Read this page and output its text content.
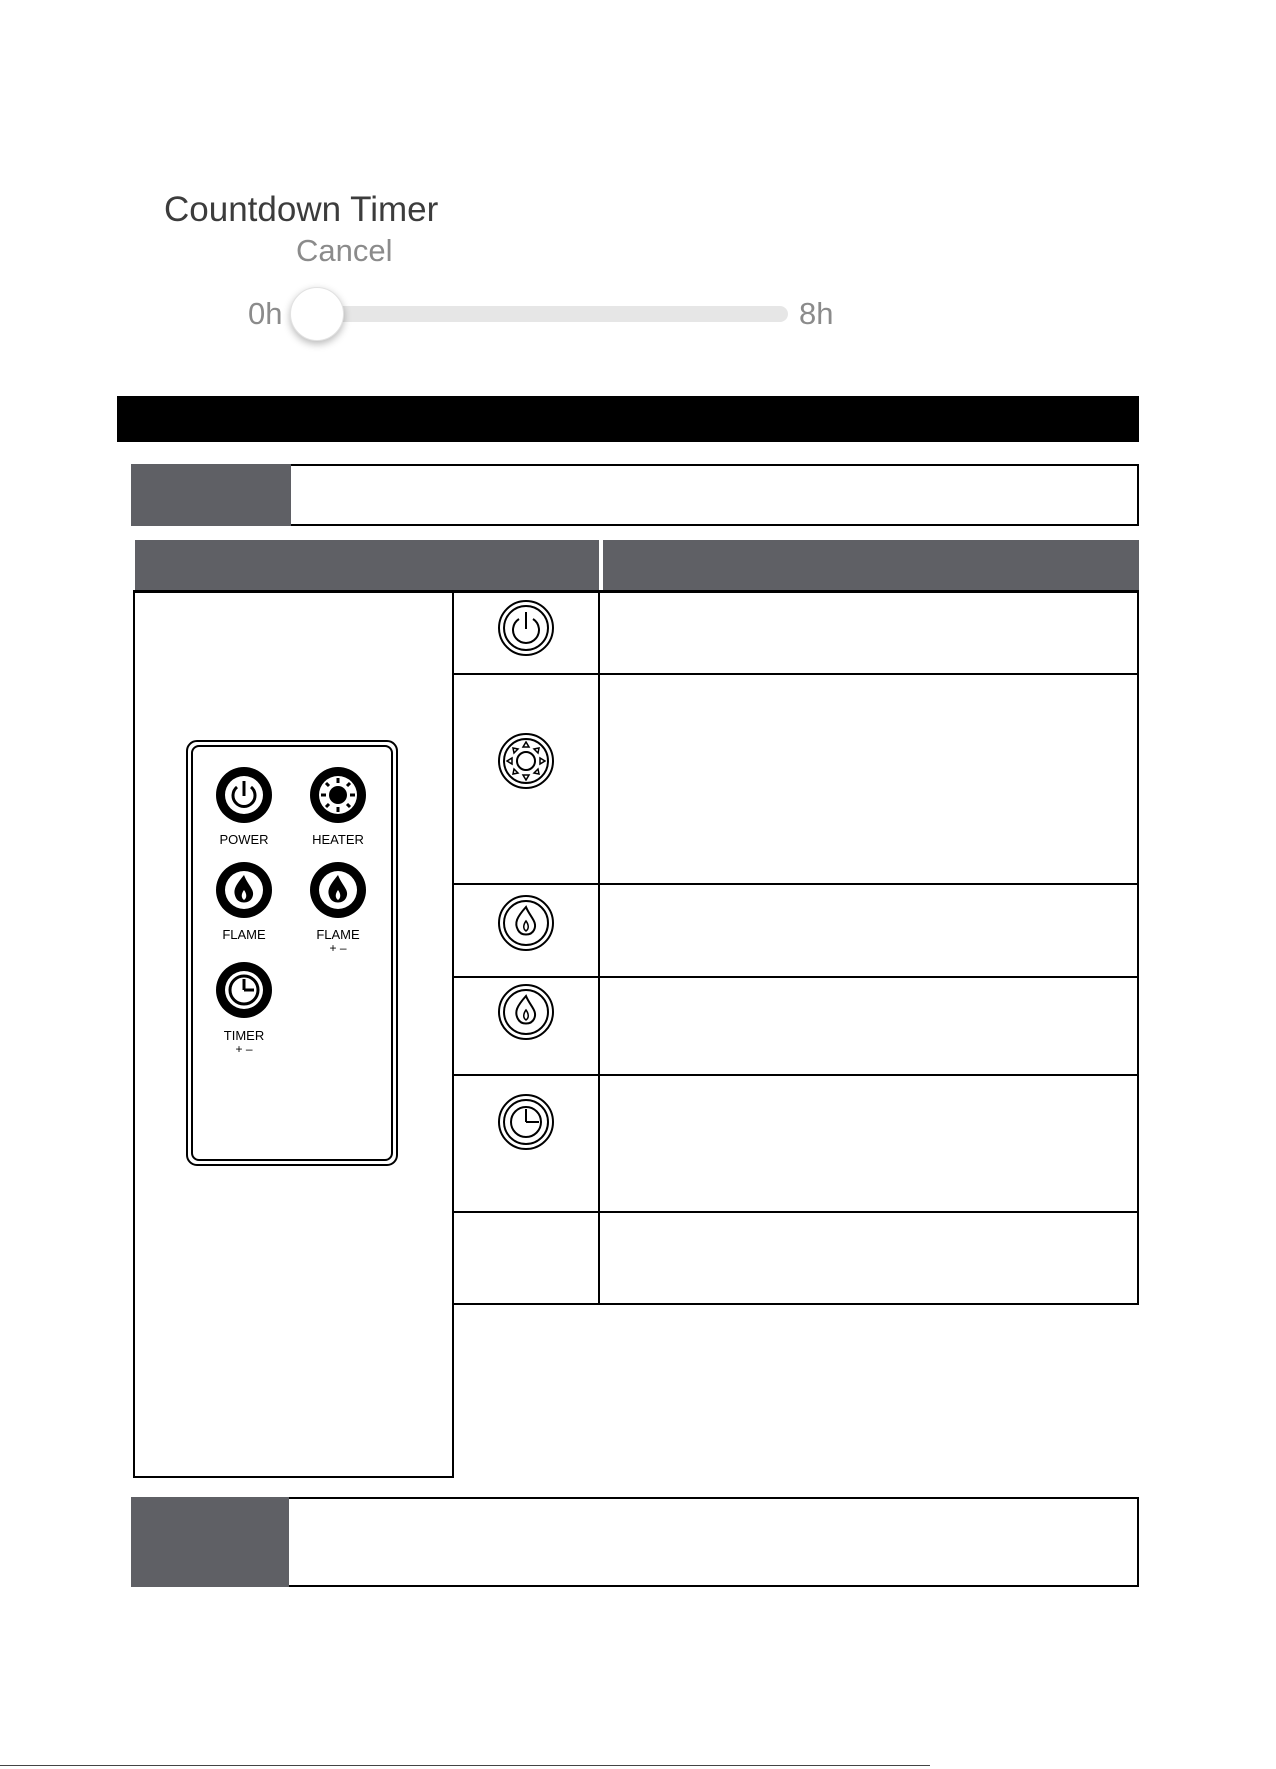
Countdown Timer
Cancel
0h	8h
POWER	HEATER
FLAME	FLAME
+ –
TIMER
+ –
